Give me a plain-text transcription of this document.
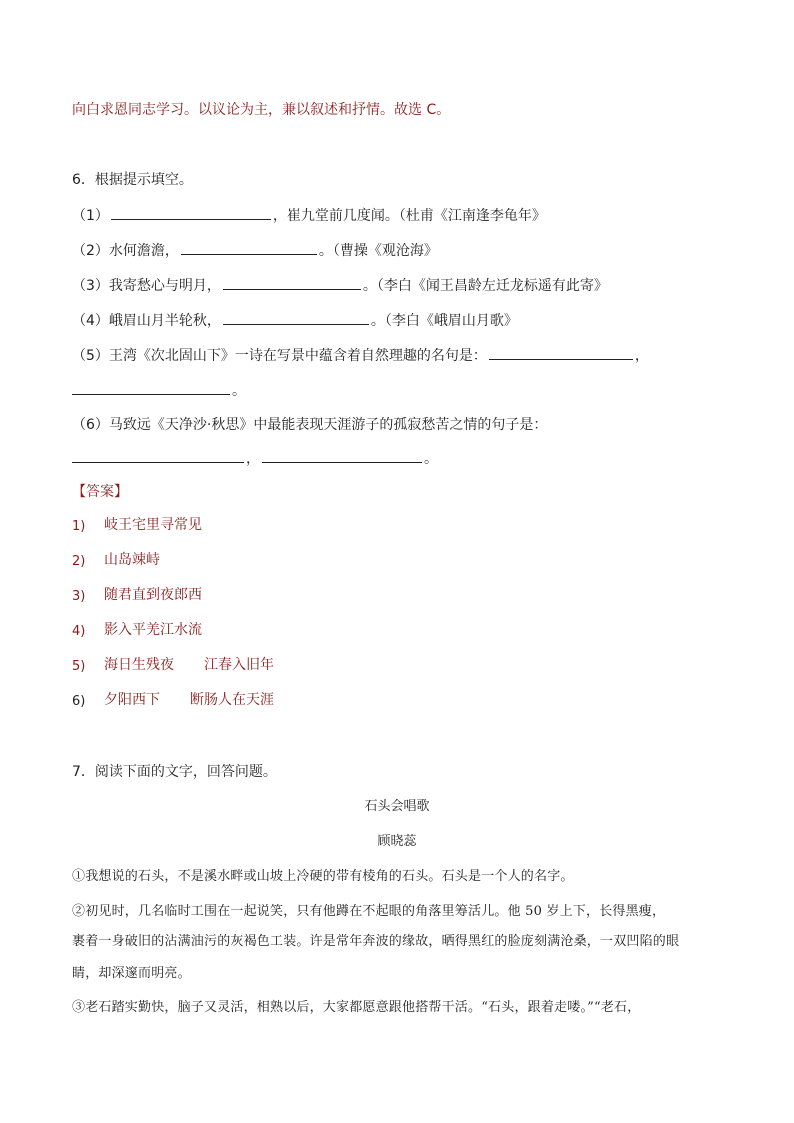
向白求恩同志学习。以议论为主，兼以叙述和抒情。故选 C。
6．根据提示填空。
（1）	，崔九堂前几度闻。（杜甫《江南逢李龟年》
（2）水何澹澹，	。（曹操《观沧海》
（3）我寄愁心与明月，	。（李白《闻王昌龄左迁龙标遥有此寄》
（4）峨眉山月半轮秋，	。（李白《峨眉山月歌》
（5）王湾《次北固山下》一诗在写景中蕴含着自然理趣的名句是：	，
。
（6）马致远《天净沙·秋思》中最能表现天涯游子的孤寂愁苦之情的句子是：
，	。
【答案】
1) 岐王宅里寻常见
2) 山岛竦峙
3) 随君直到夜郎西
4) 影入平羌江水流
5) 海日生残夜 江春入旧年
6) 夕阳西下 断肠人在天涯
7．阅读下面的文字，回答问题。
石头会唱歌
顾晓蕊
①我想说的石头，不是溪水畔或山坡上冷硬的带有棱角的石头。石头是一个人的名字。
②初见时，几名临时工围在一起说笑，只有他蹲在不起眼的角落里筹活儿。他 50 岁上下，长得黑瘦，
裹着一身破旧的沾满油污的灰褐色工装。许是常年奔波的缘故，晒得黑红的脸庞刻满沧桑，一双凹陷的眼
睛，却深邃而明亮。
③老石踏实勤快，脑子又灵活，相熟以后，大家都愿意跟他搭帮干活。“石头，跟着走喽。”“老石，
